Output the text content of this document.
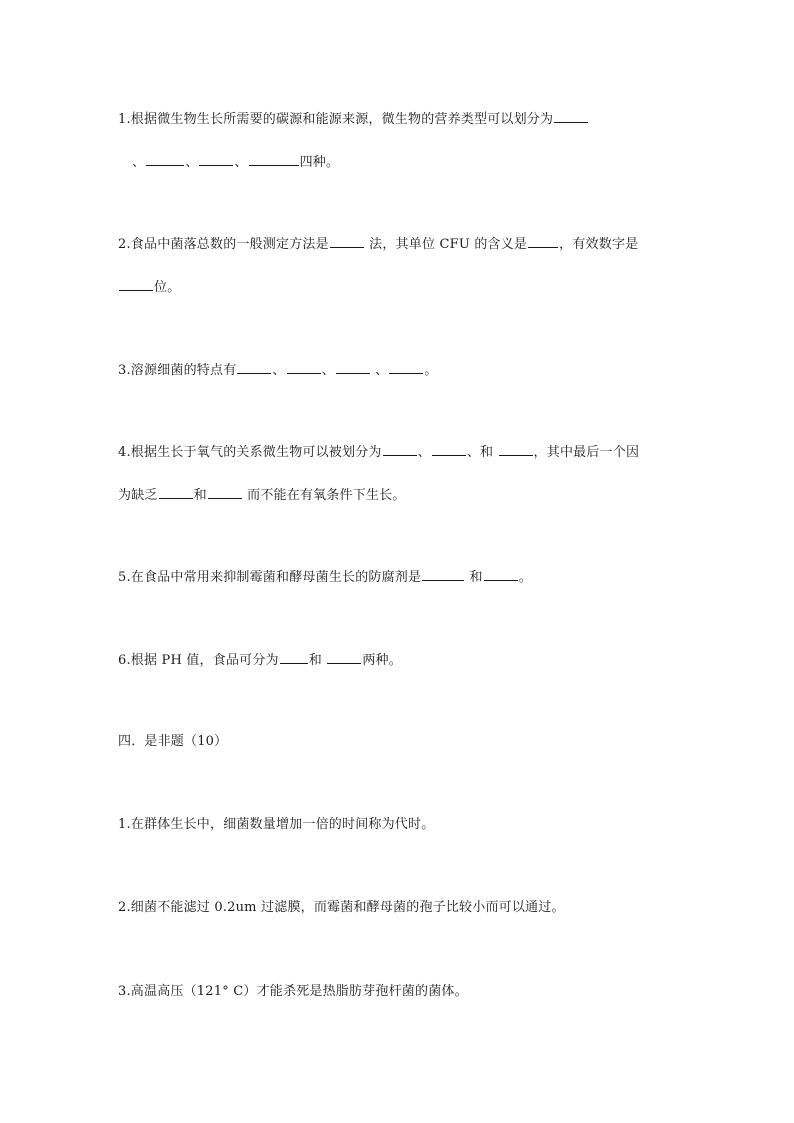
1.根据微生物生长所需要的碳源和能源来源，微生物的营养类型可以划分为
、	、	、	四种。
2.食品中菌落总数的一般测定方法是	法，其单位 CFU 的含义是 ，有效数字是
位。
3.溶源细菌的特点有	、	、	、	。
4.根据生长于氧气的关系微生物可以被划分为	、	、和	，其中最后一个因
为缺乏	和	而不能在有氧条件下生长。
5.在食品中常用来抑制霉菌和酵母菌生长的防腐剂是	和	。
6.根据 PH 值，食品可分为 和	两种。
四．是非题（10）
1.在群体生长中，细菌数量增加一倍的时间称为代时。
2.细菌不能滤过 0.2um 过滤膜，而霉菌和酵母菌的孢子比较小而可以通过。
3.高温高压（121° C）才能杀死是热脂肪芽孢杆菌的菌体。
